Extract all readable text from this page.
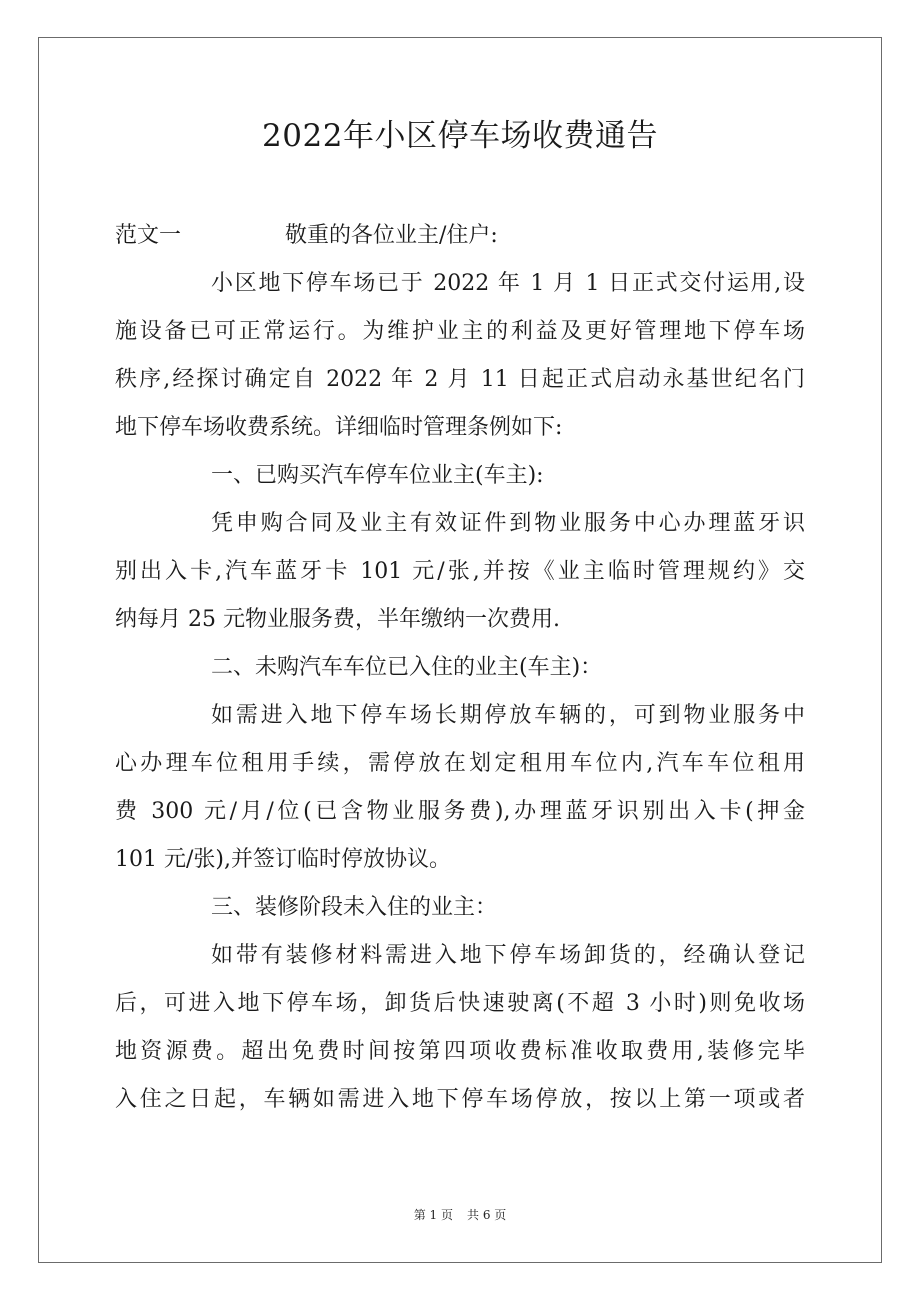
2022年小区停车场收费通告
范文一	敬重的各位业主/住户:
小区地下停车场已于 2022 年 1 月 1 日正式交付运用,设
施设备已可正常运行。为维护业主的利益及更好管理地下停车场
秩序,经探讨确定自 2022 年 2 月 11 日起正式启动永基世纪名门
地下停车场收费系统。详细临时管理条例如下:
一、已购买汽车停车位业主(车主):
凭申购合同及业主有效证件到物业服务中心办理蓝牙识
别出入卡,汽车蓝牙卡 101 元/张,并按《业主临时管理规约》交
纳每月 25 元物业服务费，半年缴纳一次费用.
二、未购汽车车位已入住的业主(车主)：
如需进入地下停车场长期停放车辆的，可到物业服务中
心办理车位租用手续，需停放在划定租用车位内,汽车车位租用
费 300 元/月/位(已含物业服务费),办理蓝牙识别出入卡(押金
101 元/张),并签订临时停放协议。
三、装修阶段未入住的业主：
如带有装修材料需进入地下停车场卸货的，经确认登记
后，可进入地下停车场，卸货后快速驶离(不超 3 小时)则免收场
地资源费。超出免费时间按第四项收费标准收取费用,装修完毕
入住之日起，车辆如需进入地下停车场停放，按以上第一项或者
第 1 页 共 6 页
